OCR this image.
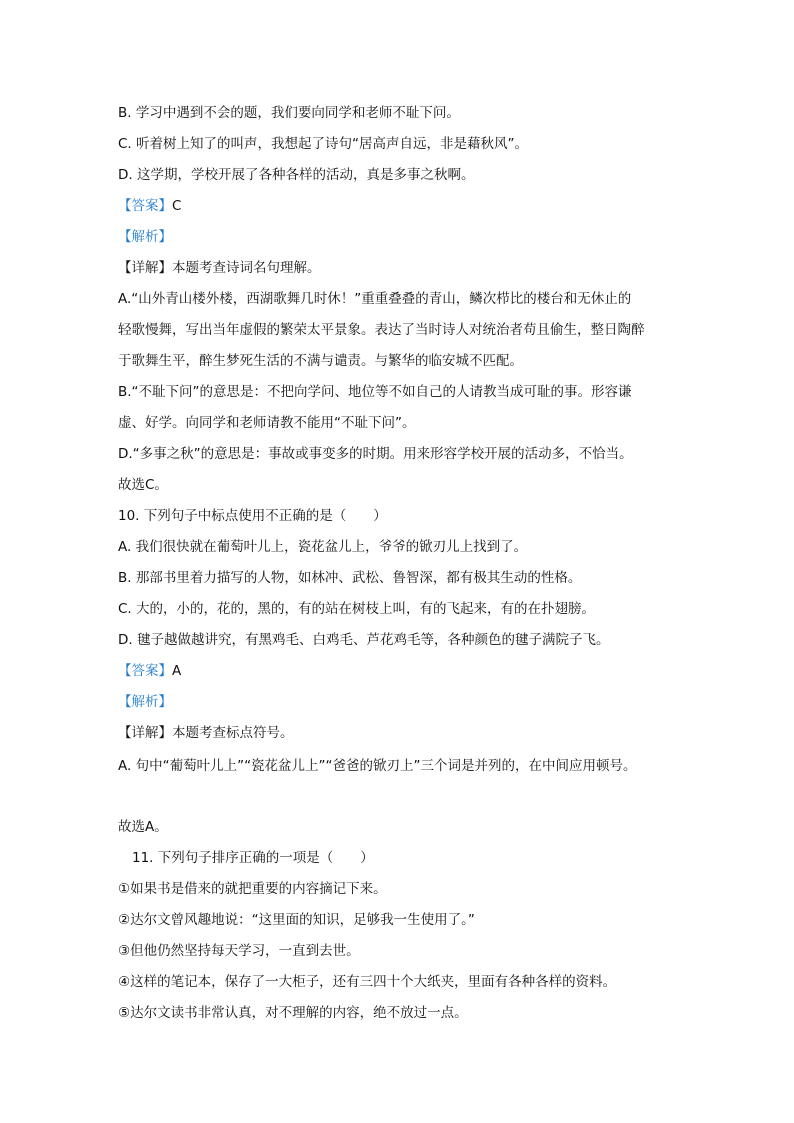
B. 学习中遇到不会的题，我们要向同学和老师不耻下问。
C. 听着树上知了的叫声，我想起了诗句“居高声自远，非是藉秋风”。
D. 这学期，学校开展了各种各样的活动，真是多事之秋啊。
【答案】C
【解析】
【详解】本题考查诗词名句理解。
A.“山外青山楼外楼，西湖歌舞几时休！”重重叠叠的青山，鳞次栉比的楼台和无休止的
轻歌慢舞，写出当年虚假的繁荣太平景象。表达了当时诗人对统治者苟且偷生，整日陶醉
于歌舞生平，醉生梦死生活的不满与谴责。与繁华的临安城不匹配。
B.“不耻下问”的意思是：不把向学问、地位等不如自己的人请教当成可耻的事。形容谦
虚、好学。向同学和老师请教不能用“不耻下问”。
D.“多事之秋”的意思是：事故或事变多的时期。用来形容学校开展的活动多，不恰当。
故选C。
10. 下列句子中标点使用不正确的是（　　）
A. 我们很快就在葡萄叶儿上，瓷花盆儿上，爷爷的锨刃儿上找到了。
B. 那部书里着力描写的人物，如林冲、武松、鲁智深，都有极其生动的性格。
C. 大的，小的，花的，黑的，有的站在树枝上叫，有的飞起来，有的在扑翅膀。
D. 毽子越做越讲究，有黑鸡毛、白鸡毛、芦花鸡毛等，各种颜色的毽子满院子飞。
【答案】A
【解析】
【详解】本题考查标点符号。
A. 句中“葡萄叶儿上”“瓷花盆儿上”“爸爸的锨刃上”三个词是并列的，在中间应用顿号。
故选A。
11. 下列句子排序正确的一项是（　　）
①如果书是借来的就把重要的内容摘记下来。
②达尔文曾风趣地说：“这里面的知识，足够我一生使用了。”
③但他仍然坚持每天学习，一直到去世。
④这样的笔记本，保存了一大柜子，还有三四十个大纸夹，里面有各种各样的资料。
⑤达尔文读书非常认真，对不理解的内容，绝不放过一点。
